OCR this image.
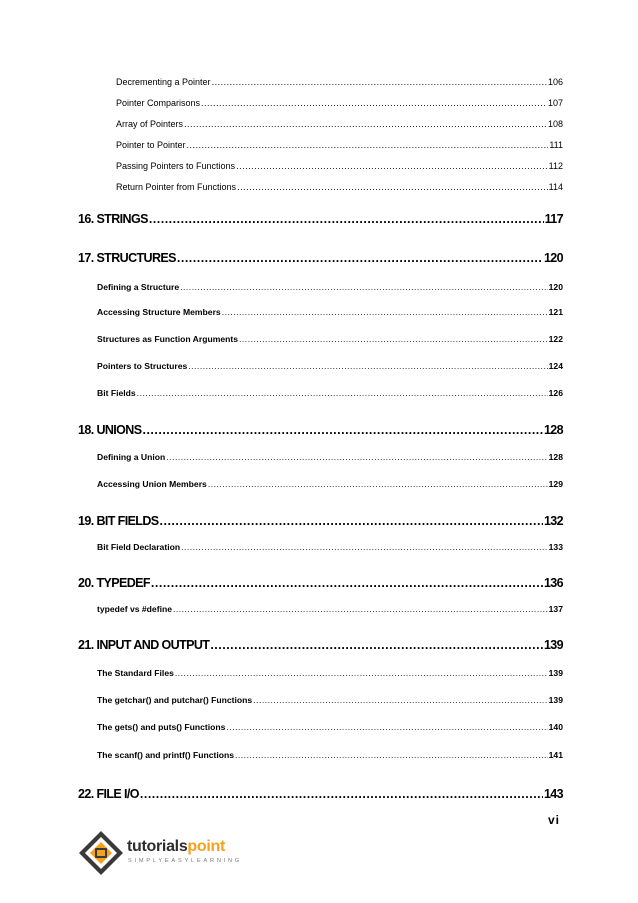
Decrementing a Pointer .....	106
Pointer Comparisons .....	107
Array of Pointers .....	108
Pointer to Pointer .....	111
Passing Pointers to Functions .....	112
Return Pointer from Functions .....	114
16. STRINGS .....	117
17. STRUCTURES .....	120
Defining a Structure .....	120
Accessing Structure Members .....	121
Structures as Function Arguments .....	122
Pointers to Structures .....	124
Bit Fields .....	126
18. UNIONS .....	128
Defining a Union .....	128
Accessing Union Members .....	129
19. BIT FIELDS .....	132
Bit Field Declaration .....	133
20. TYPEDEF .....	136
typedef vs #define .....	137
21. INPUT AND OUTPUT .....	139
The Standard Files .....	139
The getchar() and putchar() Functions .....	139
The gets() and puts() Functions .....	140
The scanf() and printf() Functions .....	141
22. FILE I/O .....	143
vi
tutorialspoint
SIMPLYEASYLEARNING
